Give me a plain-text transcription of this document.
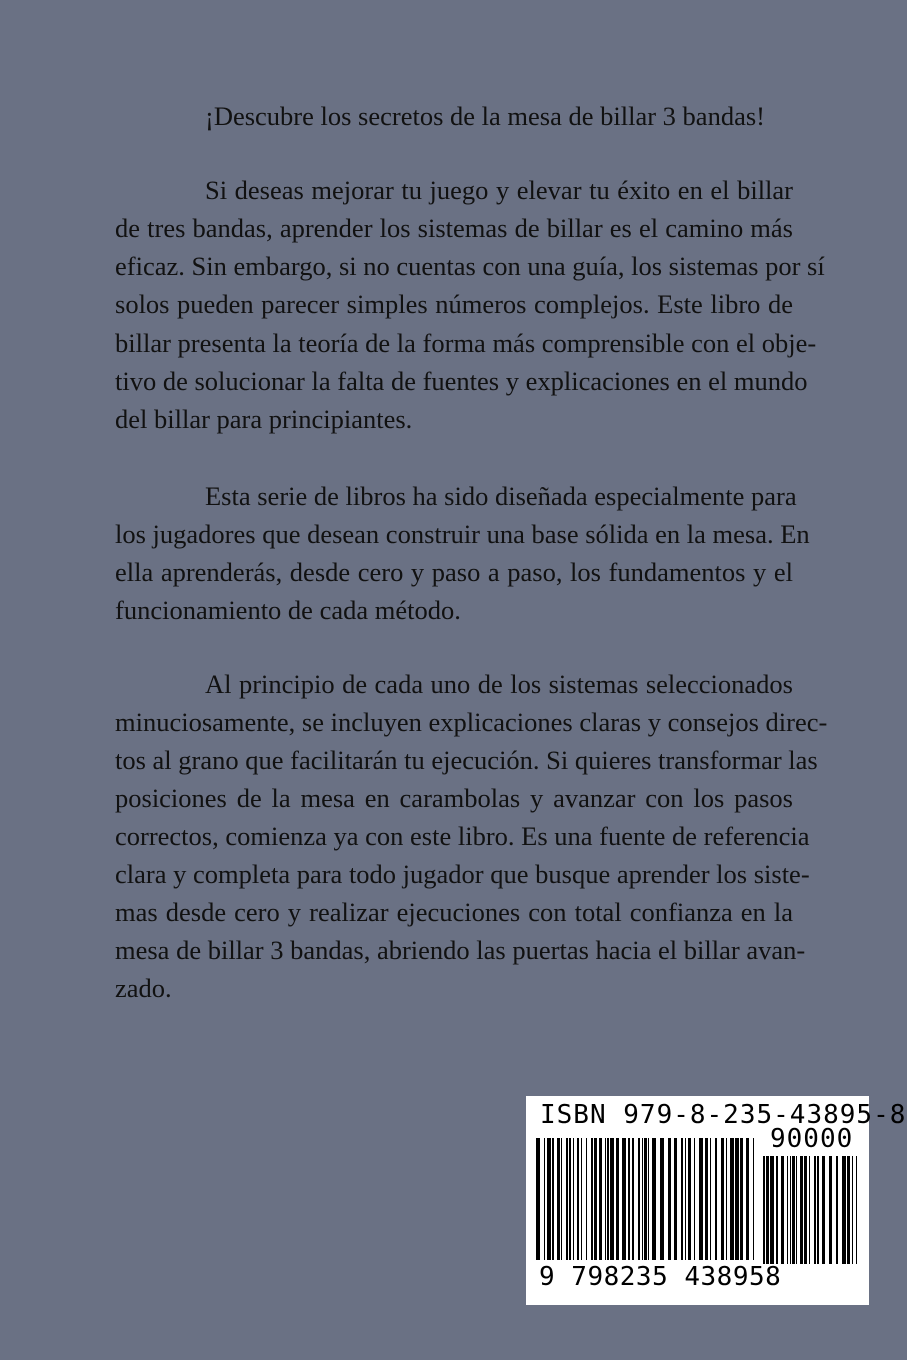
¡Descubre los secretos de la mesa de billar 3 bandas!
Si deseas mejorar tu juego y elevar tu éxito en el billar
de tres bandas, aprender los sistemas de billar es el camino más
eficaz. Sin embargo, si no cuentas con una guía, los sistemas por sí
solos pueden parecer simples números complejos. Este libro de
billar presenta la teoría de la forma más comprensible con el obje-
tivo de solucionar la falta de fuentes y explicaciones en el mundo
del billar para principiantes.
Esta serie de libros ha sido diseñada especialmente para
los jugadores que desean construir una base sólida en la mesa. En
ella aprenderás, desde cero y paso a paso, los fundamentos y el
funcionamiento de cada método.
Al principio de cada uno de los sistemas seleccionados
minuciosamente, se incluyen explicaciones claras y consejos direc-
tos al grano que facilitarán tu ejecución. Si quieres transformar las
posiciones de la mesa en carambolas y avanzar con los pasos
correctos, comienza ya con este libro. Es una fuente de referencia
clara y completa para todo jugador que busque aprender los siste-
mas desde cero y realizar ejecuciones con total confianza en la
mesa de billar 3 bandas, abriendo las puertas hacia el billar avan-
zado.
ISBN 979-8-235-43895-8
90000
9 798235 438958
